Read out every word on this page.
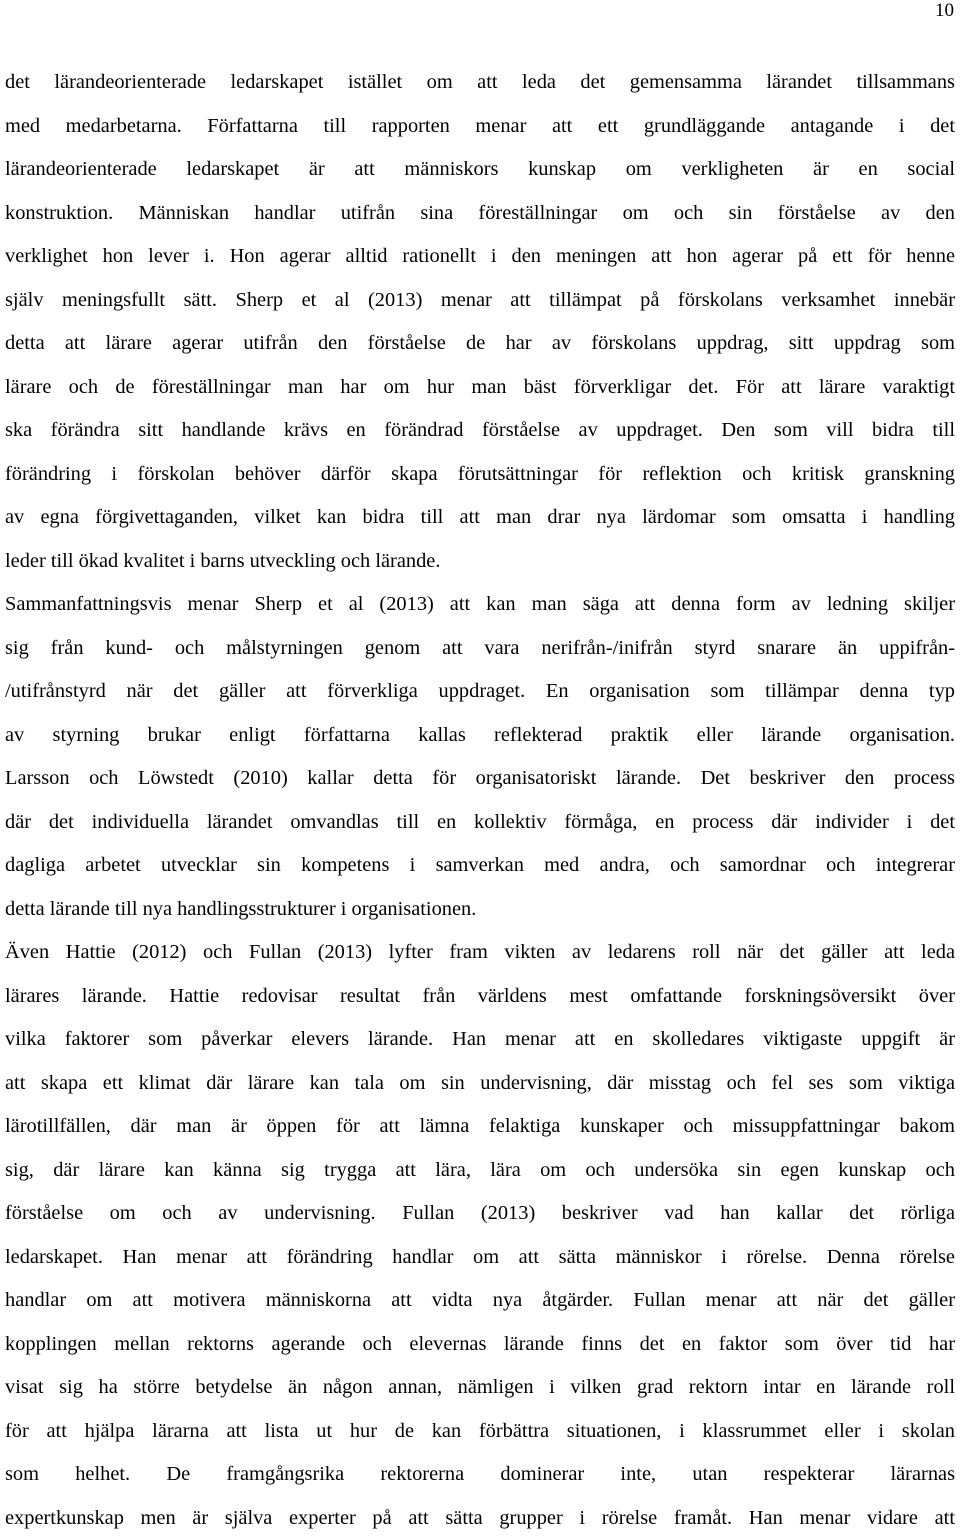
10
det lärandeorienterade ledarskapet istället om att leda det gemensamma lärandet tillsammans
med medarbetarna. Författarna till rapporten menar att ett grundläggande antagande i det
lärandeorienterade ledarskapet är att människors kunskap om verkligheten är en social
konstruktion. Människan handlar utifrån sina föreställningar om och sin förståelse av den
verklighet hon lever i. Hon agerar alltid rationellt i den meningen att hon agerar på ett för henne
själv meningsfullt sätt. Sherp et al (2013) menar att tillämpat på förskolans verksamhet innebär
detta att lärare agerar utifrån den förståelse de har av förskolans uppdrag, sitt uppdrag som
lärare och de föreställningar man har om hur man bäst förverkligar det. För att lärare varaktigt
ska förändra sitt handlande krävs en förändrad förståelse av uppdraget. Den som vill bidra till
förändring i förskolan behöver därför skapa förutsättningar för reflektion och kritisk granskning
av egna förgivettaganden, vilket kan bidra till att man drar nya lärdomar som omsatta i handling
leder till ökad kvalitet i barns utveckling och lärande.
Sammanfattningsvis menar Sherp et al (2013) att kan man säga att denna form av ledning skiljer
sig från kund- och målstyrningen genom att vara nerifrån-/inifrån styrd snarare än uppifrån-
/utifrånstyrd när det gäller att förverkliga uppdraget. En organisation som tillämpar denna typ
av styrning brukar enligt författarna kallas reflekterad praktik eller lärande organisation.
Larsson och Löwstedt (2010) kallar detta för organisatoriskt lärande. Det beskriver den process
där det individuella lärandet omvandlas till en kollektiv förmåga, en process där individer i det
dagliga arbetet utvecklar sin kompetens i samverkan med andra, och samordnar och integrerar
detta lärande till nya handlingsstrukturer i organisationen.
Även Hattie (2012) och Fullan (2013) lyfter fram vikten av ledarens roll när det gäller att leda
lärares lärande. Hattie redovisar resultat från världens mest omfattande forskningsöversikt över
vilka faktorer som påverkar elevers lärande. Han menar att en skolledares viktigaste uppgift är
att skapa ett klimat där lärare kan tala om sin undervisning, där misstag och fel ses som viktiga
lärotillfällen, där man är öppen för att lämna felaktiga kunskaper och missuppfattningar bakom
sig, där lärare kan känna sig trygga att lära, lära om och undersöka sin egen kunskap och
förståelse om och av undervisning. Fullan (2013) beskriver vad han kallar det rörliga
ledarskapet. Han menar att förändring handlar om att sätta människor i rörelse. Denna rörelse
handlar om att motivera människorna att vidta nya åtgärder. Fullan menar att när det gäller
kopplingen mellan rektorns agerande och elevernas lärande finns det en faktor som över tid har
visat sig ha större betydelse än någon annan, nämligen i vilken grad rektorn intar en lärande roll
för att hjälpa lärarna att lista ut hur de kan förbättra situationen, i klassrummet eller i skolan
som helhet. De framgångsrika rektorerna dominerar inte, utan respekterar lärarnas
expertkunskap men är själva experter på att sätta grupper i rörelse framåt. Han menar vidare att
